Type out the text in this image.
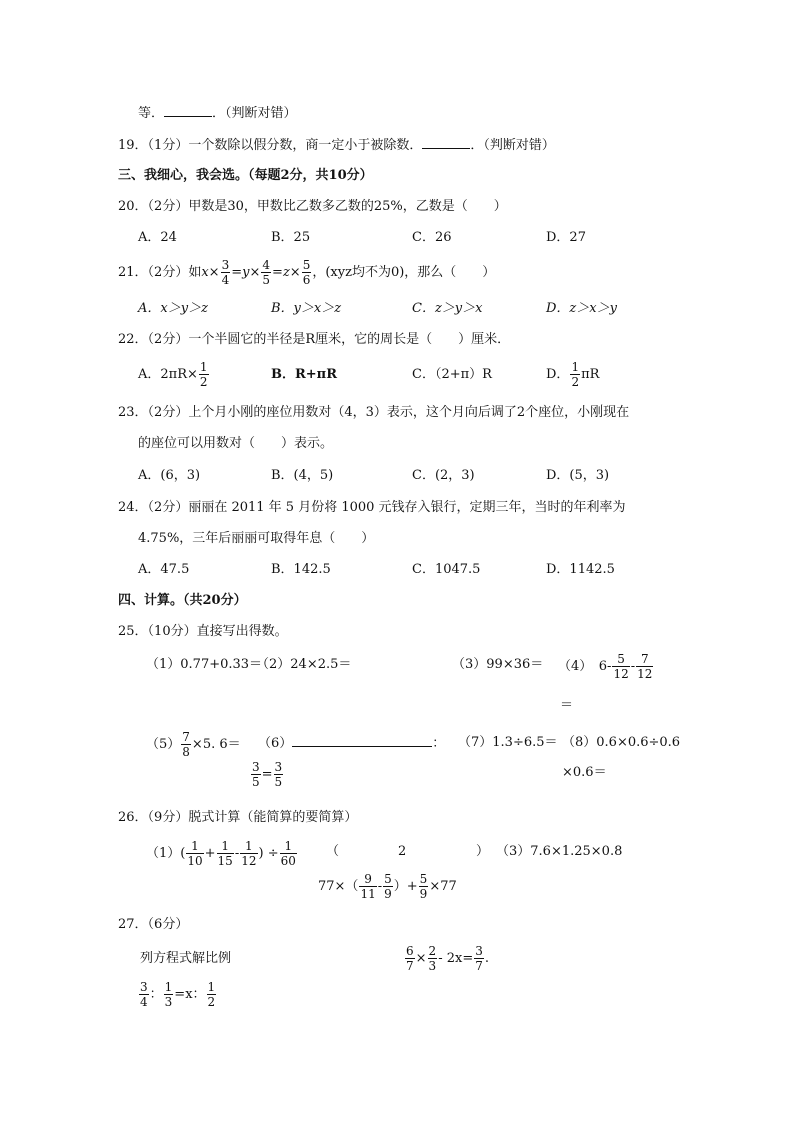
等．	．（判断对错）
19．（1分）一个数除以假分数，商一定小于被除数．	．（判断对错）
三、我细心，我会选。（每题2分，共10分）
20．（2分）甲数是30，甲数比乙数多乙数的25%，乙数是（　　）
A．24	B．25	C．26	D．27
21．（2分）如$x\times \frac{3}{4} =y\times \frac{4}{5} =z\times \frac{5}{6}$ ，(xyz均不为0)，那么（　　）
A．x＞y＞z	B．y＞x＞z	C．z＞y＞x	D．z＞x＞y
22．（2分）一个半圆它的半径是R厘米，它的周长是（　　）厘米．
A．$2\pi R\times \frac{1}{2}$	B．R+πR	C．（2+π）R	D． $\frac{1}{2}$ πR
23．（2分）上个月小刚的座位用数对（4，3）表示，这个月向后调了2个座位，小刚现在
的座位可以用数对（　　）表示。
A．(6，3)	B．(4，5)	C．(2，3)	D．(5，3)
24．（2分）丽丽在 2011 年 5 月份将 1000 元钱存入银行，定期三年，当时的年利率为
4.75%，三年后丽丽可取得年息（　　）
A．47.5	B．142.5	C．1047.5	D．1142.5
四、计算。（共20分）
25．（10分）直接写出得数。
（1）0.77+0.33＝
（2）24×2.5＝	（3）99×36＝ （4）　$6- \frac{5}{12} - \frac{7}{12}$
＝
$(5) \frac{7}{8} \times 5$. 6＝ （6）	：
$\frac{3}{5} = \frac{3}{5}$
（7）1.3÷6.5＝ （8）0.6×0.6÷0.6
×0.6＝
26．（9分）脱式计算（能简算的要简算）
$(1)( \frac{1}{10} + \frac{1}{15} - \frac{1}{12}$ ) ÷ $\frac{1}{60}$ （	2	） （3）7.6×1.25×0.8
$77\times( \frac{9}{11} - \frac{5}{9}$ ）+ $\frac{5}{9} \times 77$
27．（6分）
列方程式解比例	$\frac{6}{7} \times \frac{2}{3} - 2x= \frac{3}{7}$ .
$\frac{3}{4}$ ： $\frac{1}{3} =x$： $\frac{1}{2}$
